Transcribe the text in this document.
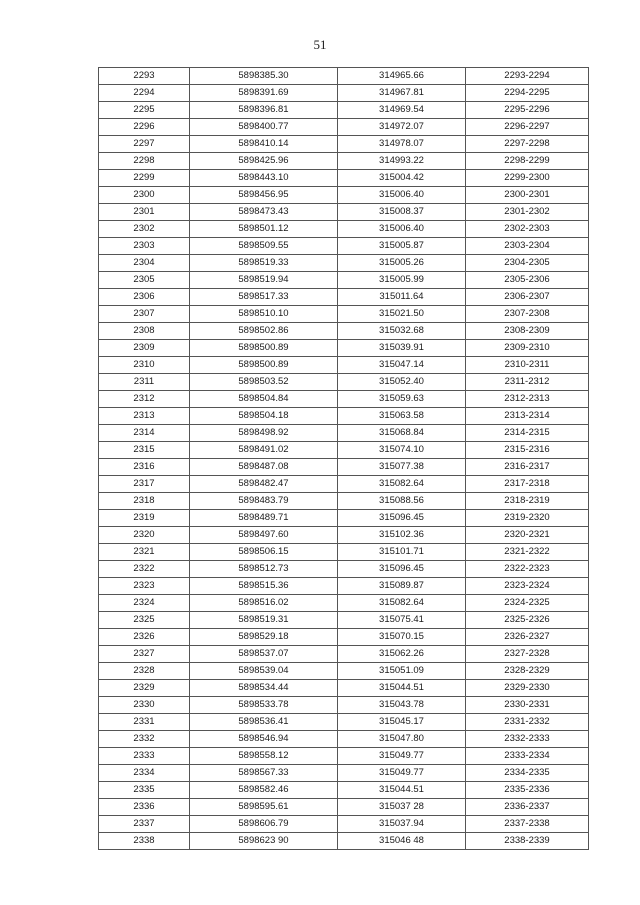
51
2293	5898385.30	314965.66	2293-2294
2294	5898391.69	314967.81	2294-2295
2295	5898396.81	314969.54	2295-2296
2296	5898400.77	314972.07	2296-2297
2297	5898410.14	314978.07	2297-2298
2298	5898425.96	314993.22	2298-2299
2299	5898443.10	315004.42	2299-2300
2300	5898456.95	315006.40	2300-2301
2301	5898473.43	315008.37	2301-2302
2302	5898501.12	315006.40	2302-2303
2303	5898509.55	315005.87	2303-2304
2304	5898519.33	315005.26	2304-2305
2305	5898519.94	315005.99	2305-2306
2306	5898517.33	315011.64	2306-2307
2307	5898510.10	315021.50	2307-2308
2308	5898502.86	315032.68	2308-2309
2309	5898500.89	315039.91	2309-2310
2310	5898500.89	315047.14	2310-2311
2311	5898503.52	315052.40	2311-2312
2312	5898504.84	315059.63	2312-2313
2313	5898504.18	315063.58	2313-2314
2314	5898498.92	315068.84	2314-2315
2315	5898491.02	315074.10	2315-2316
2316	5898487.08	315077.38	2316-2317
2317	5898482.47	315082.64	2317-2318
2318	5898483.79	315088.56	2318-2319
2319	5898489.71	315096.45	2319-2320
2320	5898497.60	315102.36	2320-2321
2321	5898506.15	315101.71	2321-2322
2322	5898512.73	315096.45	2322-2323
2323	5898515.36	315089.87	2323-2324
2324	5898516.02	315082.64	2324-2325
2325	5898519.31	315075.41	2325-2326
2326	5898529.18	315070.15	2326-2327
2327	5898537.07	315062.26	2327-2328
2328	5898539.04	315051.09	2328-2329
2329	5898534.44	315044.51	2329-2330
2330	5898533.78	315043.78	2330-2331
2331	5898536.41	315045.17	2331-2332
2332	5898546.94	315047.80	2332-2333
2333	5898558.12	315049.77	2333-2334
2334	5898567.33	315049.77	2334-2335
2335	5898582.46	315044.51	2335-2336
2336	5898595.61	315037 28	2336-2337
2337	5898606.79	315037.94	2337-2338
2338	5898623 90	315046 48	2338-2339
